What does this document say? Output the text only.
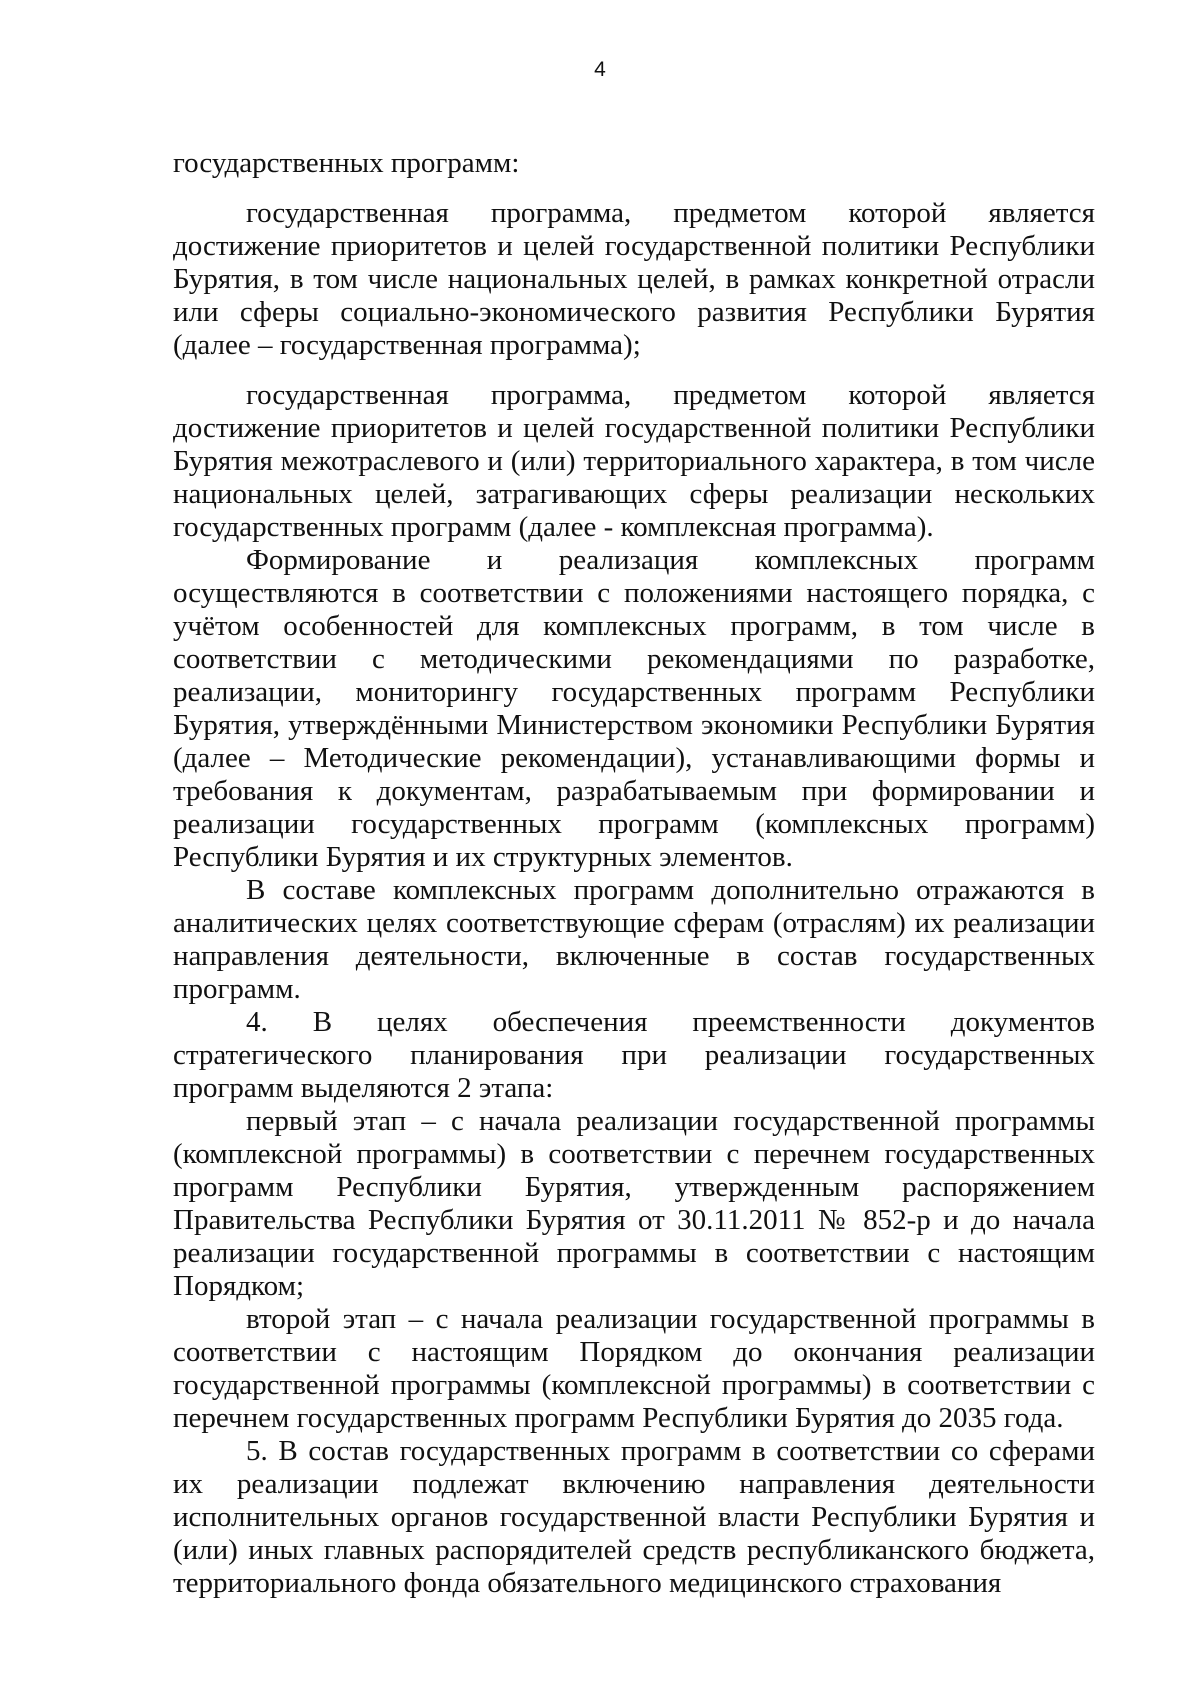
4

государственных программ:

государственная программа, предметом которой является достижение приоритетов и целей государственной политики Республики Бурятия, в том числе национальных целей, в рамках конкретной отрасли или сферы социально-экономического развития Республики Бурятия (далее – государственная программа);

государственная программа, предметом которой является достижение приоритетов и целей государственной политики Республики Бурятия межотраслевого и (или) территориального характера, в том числе национальных целей, затрагивающих сферы реализации нескольких государственных программ (далее - комплексная программа).

Формирование и реализация комплексных программ осуществляются в соответствии с положениями настоящего порядка, с учётом особенностей для комплексных программ, в том числе в соответствии с методическими рекомендациями по разработке, реализации, мониторингу государственных программ Республики Бурятия, утверждёнными Министерством экономики Республики Бурятия (далее – Методические рекомендации), устанавливающими формы и требования к документам, разрабатываемым при формировании и реализации государственных программ (комплексных программ) Республики Бурятия и их структурных элементов.

В составе комплексных программ дополнительно отражаются в аналитических целях соответствующие сферам (отраслям) их реализации направления деятельности, включенные в состав государственных программ.

4. В целях обеспечения преемственности документов стратегического планирования при реализации государственных программ выделяются 2 этапа:

первый этап – с начала реализации государственной программы (комплексной программы) в соответствии с перечнем государственных программ Республики Бурятия, утвержденным распоряжением Правительства Республики Бурятия от 30.11.2011 № 852-р и до начала реализации государственной программы в соответствии с настоящим Порядком;

второй этап – с начала реализации государственной программы в соответствии с настоящим Порядком до окончания реализации государственной программы (комплексной программы) в соответствии с перечнем государственных программ Республики Бурятия до 2035 года.

5. В состав государственных программ в соответствии со сферами их реализации подлежат включению направления деятельности исполнительных органов государственной власти Республики Бурятия и (или) иных главных распорядителей средств республиканского бюджета, территориального фонда обязательного медицинского страхования
